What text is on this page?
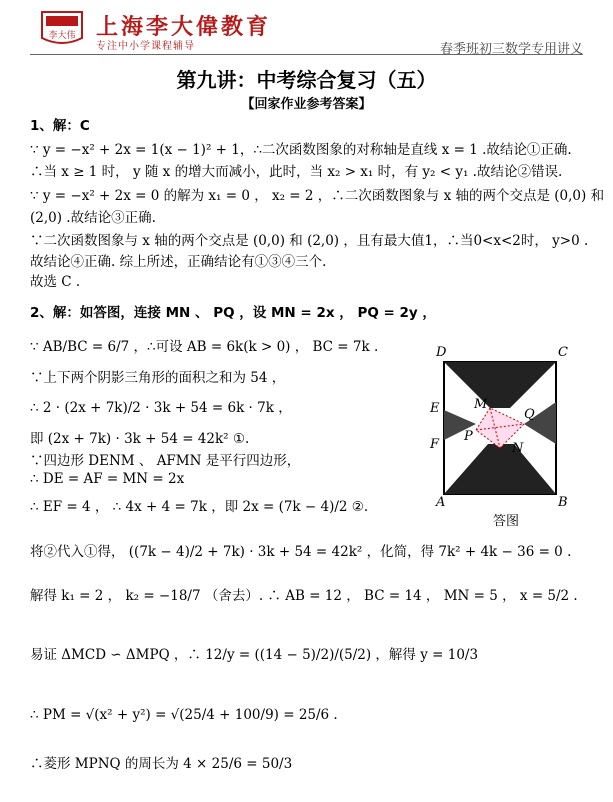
李大伟 上海李大偉教育
专注中小学课程辅导	春季班初三数学专用讲义
第九讲：中考综合复习（五）
【回家作业参考答案】
1、解：C
∵ y = −x² + 2x = 1(x − 1)² + 1，∴二次函数图象的对称轴是直线 x = 1 .故结论①正确.
∴当 x ≥ 1 时， y 随 x 的增大而减小，此时，当 x₂ > x₁ 时，有 y₂ < y₁ .故结论②错误.
∵ y = −x² + 2x = 0 的解为 x₁ = 0 ， x₂ = 2 ，∴二次函数图象与 x 轴的两个交点是 (0,0) 和
(2,0) .故结论③正确.
∵二次函数图象与 x 轴的两个交点是 (0,0) 和 (2,0) ，且有最大值1，∴当0<x<2时， y>0 .
故结论④正确. 综上所述，正确结论有①③④三个.
故选 C .
2、解：如答图，连接 MN 、 PQ ，设 MN = 2x ， PQ = 2y ，
∵ AB/BC = 6/7 ，∴可设 AB = 6k(k > 0) ， BC = 7k .
∵上下两个阴影三角形的面积之和为 54 ，
∴ 2 · (2x + 7k)/2 · 3k + 54 = 6k · 7k ，
即 (2x + 7k) · 3k + 54 = 42k² ①.
∵四边形 DENM 、 AFMN 是平行四边形，
∴ DE = AF = MN = 2x
∴ EF = 4 ， ∴ 4x + 4 = 7k ，即 2x = (7k − 4)/2 ②.
将②代入①得， ((7k − 4)/2 + 7k) · 3k + 54 = 42k² ，化简，得 7k² + 4k − 36 = 0 .
解得 k₁ = 2 ， k₂ = −18/7 （舍去）. ∴ AB = 12 ， BC = 14 ， MN = 5 ， x = 5/2 .
易证 ΔMCD ∽ ΔMPQ ，∴ 12/y = ((14 − 5)/2)/(5/2) ，解得 y = 10/3
∴ PM = √(x² + y²) = √(25/4 + 100/9) = 25/6 .
∴菱形 MPNQ 的周长为 4 × 25/6 = 50/3
D	C
E	M
Q
F
P
N
A	B
答图
